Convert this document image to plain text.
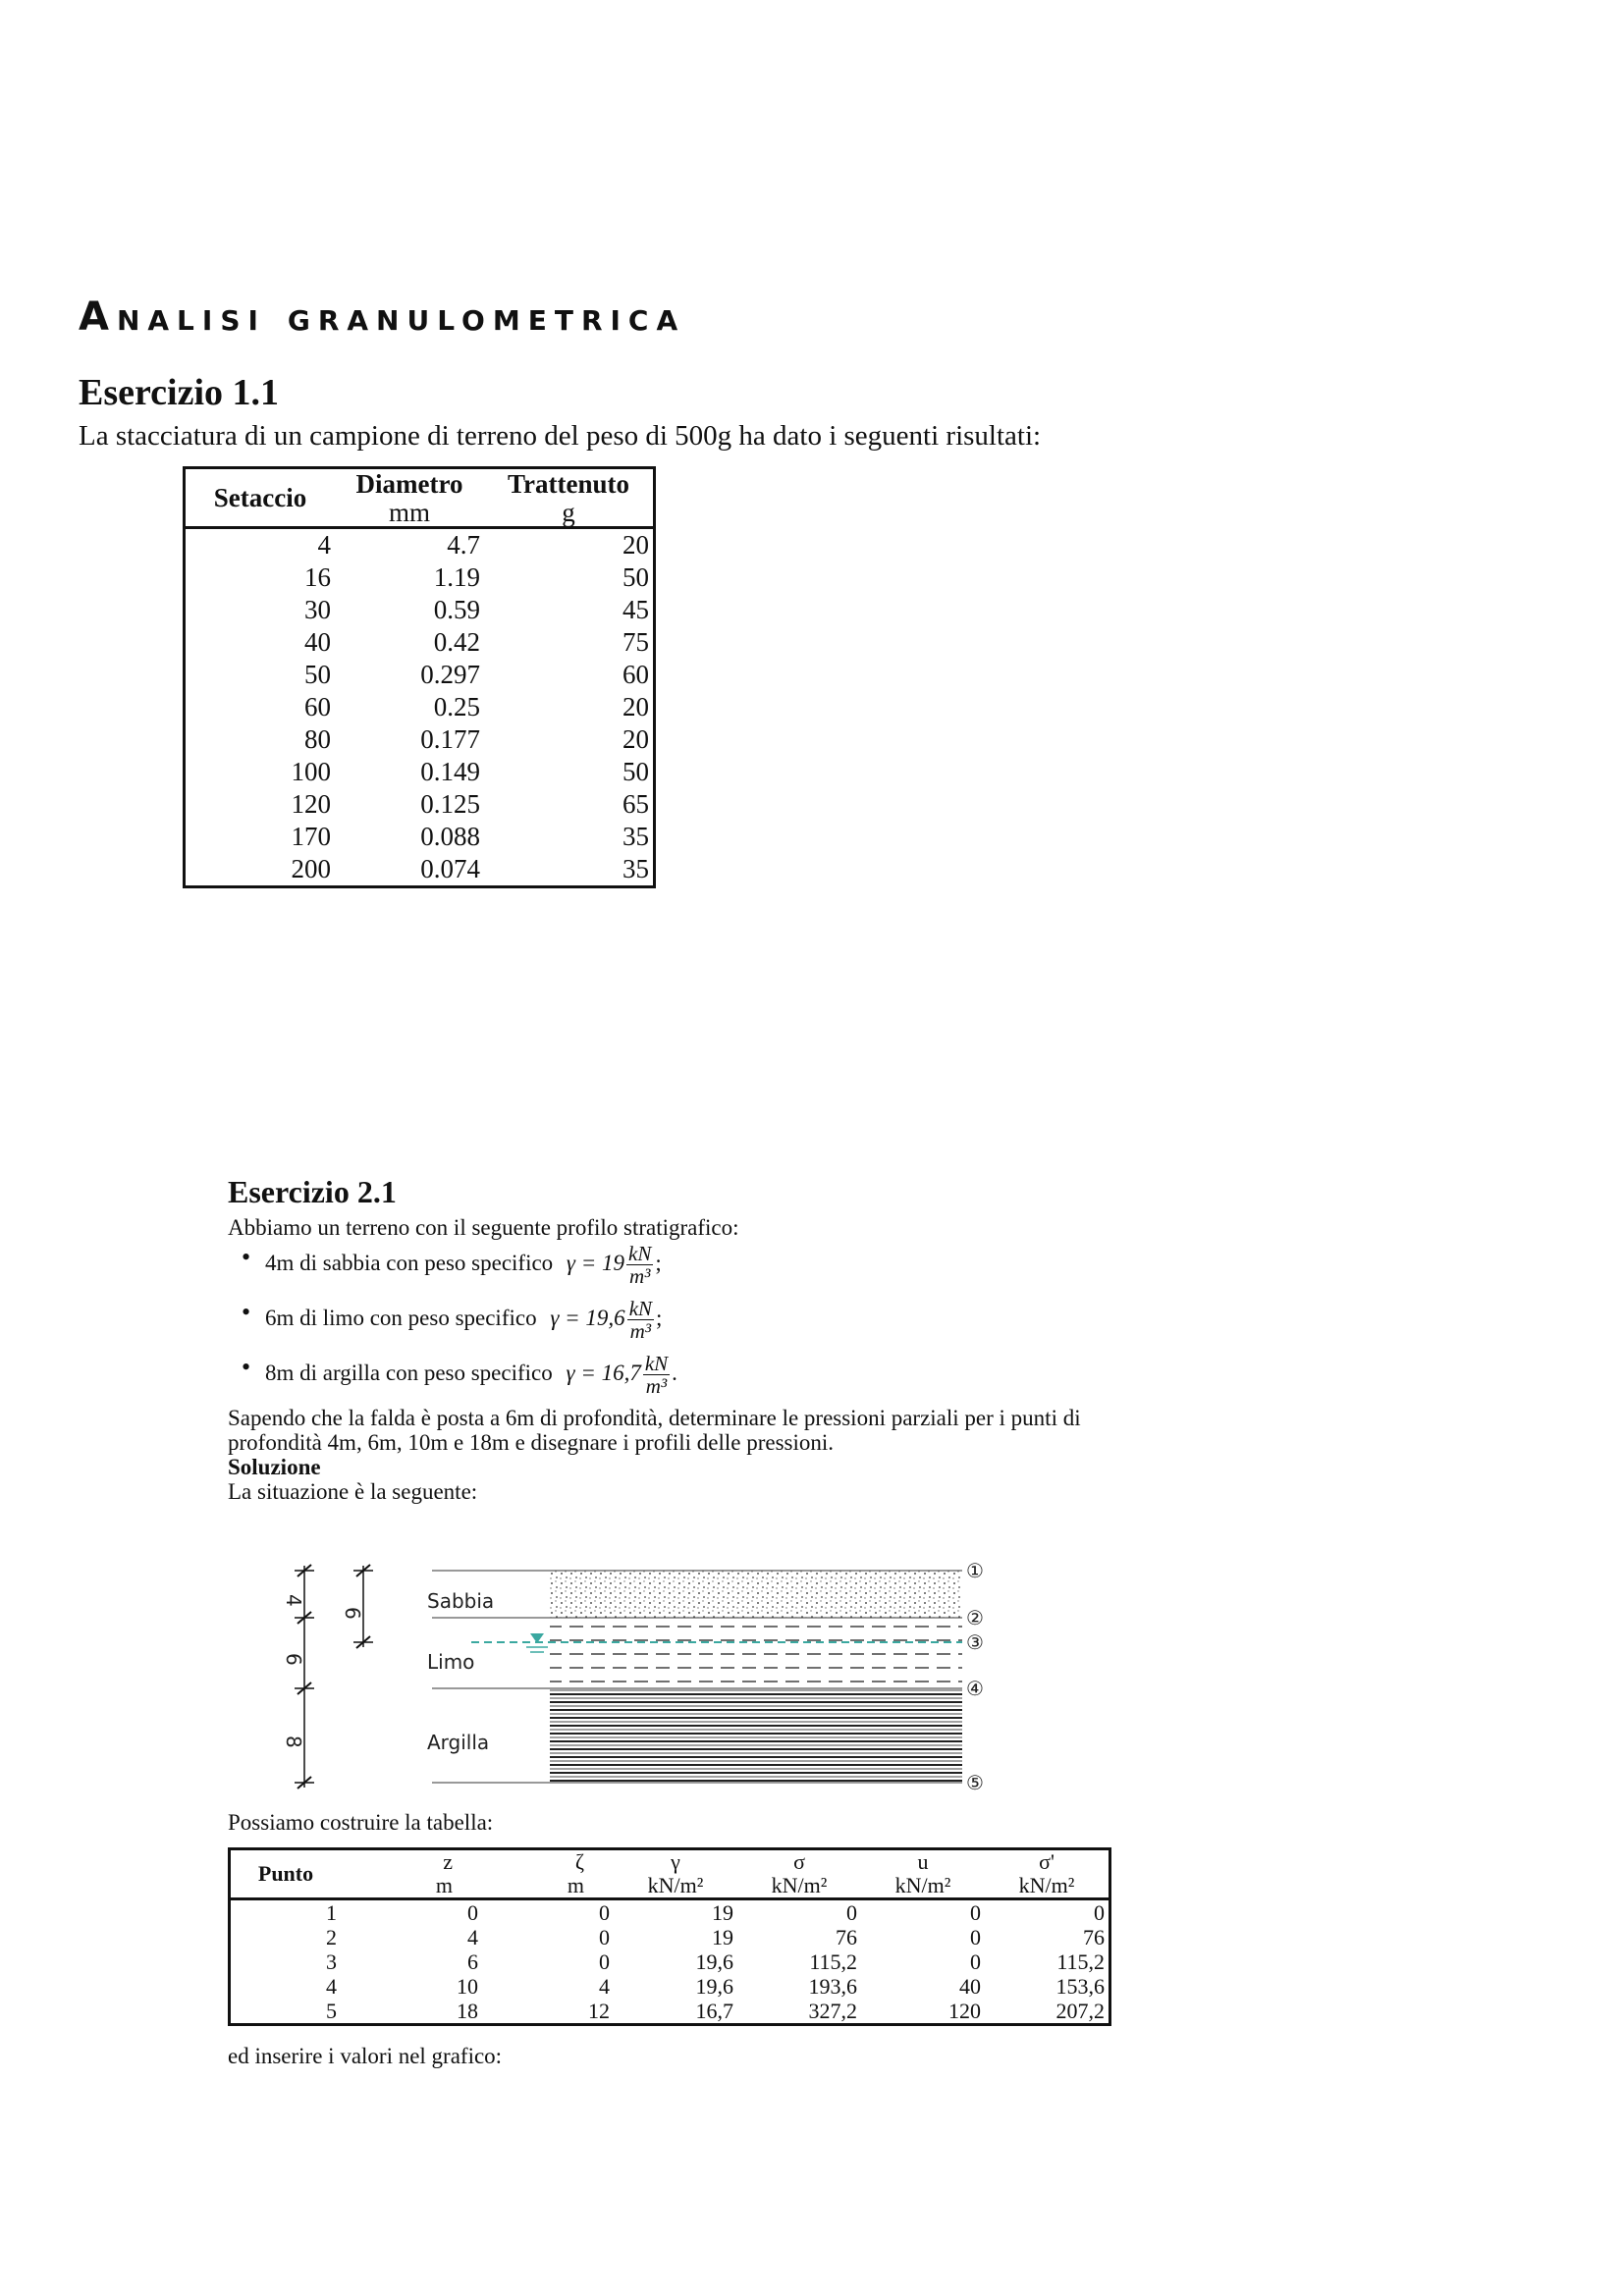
Analisi granulometrica
Esercizio 1.1
La stacciatura di un campione di terreno del peso di 500g ha dato i seguenti risultati:
Setaccio	Diametro	Trattenuto
	mm	g
4	4.7	20
16	1.19	50
30	0.59	45
40	0.42	75
50	0.297	60
60	0.25	20
80	0.177	20
100	0.149	50
120	0.125	65
170	0.088	35
200	0.074	35
Esercizio 2.1
Abbiamo un terreno con il seguente profilo stratigrafico:
• 4m di sabbia con peso specifico $\gamma = 19 \frac{kN}{\text{m³}}$ ;
• 6m di limo con peso specifico $\gamma = 19,6 \frac{kN}{\text{m³}}$ ;
• 8m di argilla con peso specifico $\gamma = 16,7 \frac{kN}{\text{m³}}$ .
Sapendo che la falda è posta a 6m di profondità, determinare le pressioni parziali per i punti di
profondità 4m, 6m, 10m e 18m e disegnare i profili delle pressioni.
Soluzione
La situazione è la seguente:
Sabbia
Limo
Argilla
4
6
8
6
①
②
③
④
⑤
Possiamo costruire la tabella:
Punto	z	ζ	γ	σ	u	σ'
	m	m	kN/m²	kN/m²	kN/m²	kN/m²
1	0	0	19	0	0	0
2	4	0	19	76	0	76
3	6	0	19,6	115,2	0	115,2
4	10	4	19,6	193,6	40	153,6
5	18	12	16,7	327,2	120	207,2
ed inserire i valori nel grafico:
